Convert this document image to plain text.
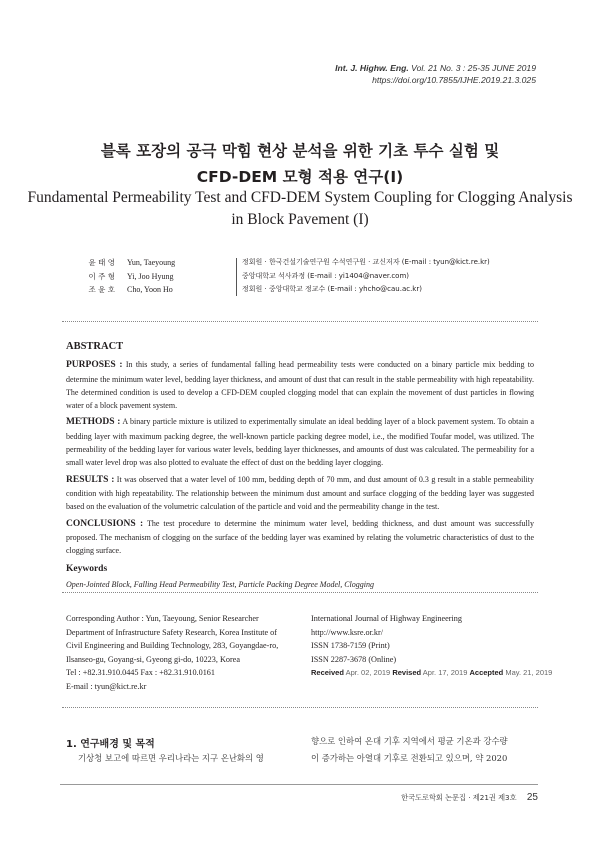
Int. J. Highw. Eng. Vol. 21 No. 3 : 25-35 JUNE 2019
https://doi.org/10.7855/IJHE.2019.21.3.025
블록 포장의 공극 막힘 현상 분석을 위한 기초 투수 실험 및
CFD-DEM 모형 적용 연구(I)
Fundamental Permeability Test and CFD-DEM System Coupling for Clogging Analysis
in Block Pavement (I)
윤 태 영 Yun, Taeyoung	정회원 · 한국건설기술연구원 수석연구원 · 교신저자 (E-mail : tyun@kict.re.kr)
이 주 형 Yi, Joo Hyung	중앙대학교 석사과정 (E-mail : yi1404@naver.com)
조 윤 호 Cho, Yoon Ho	정회원 · 중앙대학교 정교수 (E-mail : yhcho@cau.ac.kr)
ABSTRACT

PURPOSES : In this study, a series of fundamental falling head permeability tests were conducted on a binary particle mix bedding to determine the minimum water level, bedding layer thickness, and amount of dust that can result in the stable permeability with high repeatability. The determined condition is used to develop a CFD-DEM coupled clogging model that can explain the movement of dust particles in flowing water of a block pavement system.

METHODS : A binary particle mixture is utilized to experimentally simulate an ideal bedding layer of a block pavement system. To obtain a bedding layer with maximum packing degree, the well-known particle packing degree model, i.e., the modified Toufar model, was utilized. The permeability of the bedding layer for various water levels, bedding layer thicknesses, and amounts of dust was calculated. The permeability for a small water level drop was also plotted to evaluate the effect of dust on the bedding layer clogging.

RESULTS : It was observed that a water level of 100 mm, bedding depth of 70 mm, and dust amount of 0.3 g result in a stable permeability condition with high repeatability. The relationship between the minimum dust amount and surface clogging of the bedding layer was suggested based on the evaluation of the volumetric calculation of the particle and void and the permeability change in the test.

CONCLUSIONS : The test procedure to determine the minimum water level, bedding thickness, and dust amount was successfully proposed. The mechanism of clogging on the surface of the bedding layer was examined by relating the volumetric characteristics of dust to the clogging surface.

Keywords
Open-Jointed Block, Falling Head Permeability Test, Particle Packing Degree Model, Clogging
Corresponding Author : Yun, Taeyoung, Senior Researcher
Department of Infrastructure Safety Research, Korea Institute of
Civil Engineering and Building Technology, 283, Goyangdae-ro,
Ilsanseo-gu, Goyang-si, Gyeong gi-do, 10223, Korea
Tel : +82.31.910.0445 Fax : +82.31.910.0161
E-mail : tyun@kict.re.kr
International Journal of Highway Engineering
http://www.ksre.or.kr/
ISSN 1738-7159 (Print)
ISSN 2287-3678 (Online)
Received Apr. 02, 2019 Revised Apr. 17, 2019 Accepted May. 21, 2019
1. 연구배경 및 목적
기상청 보고에 따르면 우리나라는 지구 온난화의 영
향으로 인하여 온대 기후 지역에서 평균 기온과 강수량
이 증가하는 아열대 기후로 전환되고 있으며, 약 2020
한국도로학회 논문집 · 제21권 제3호 25
